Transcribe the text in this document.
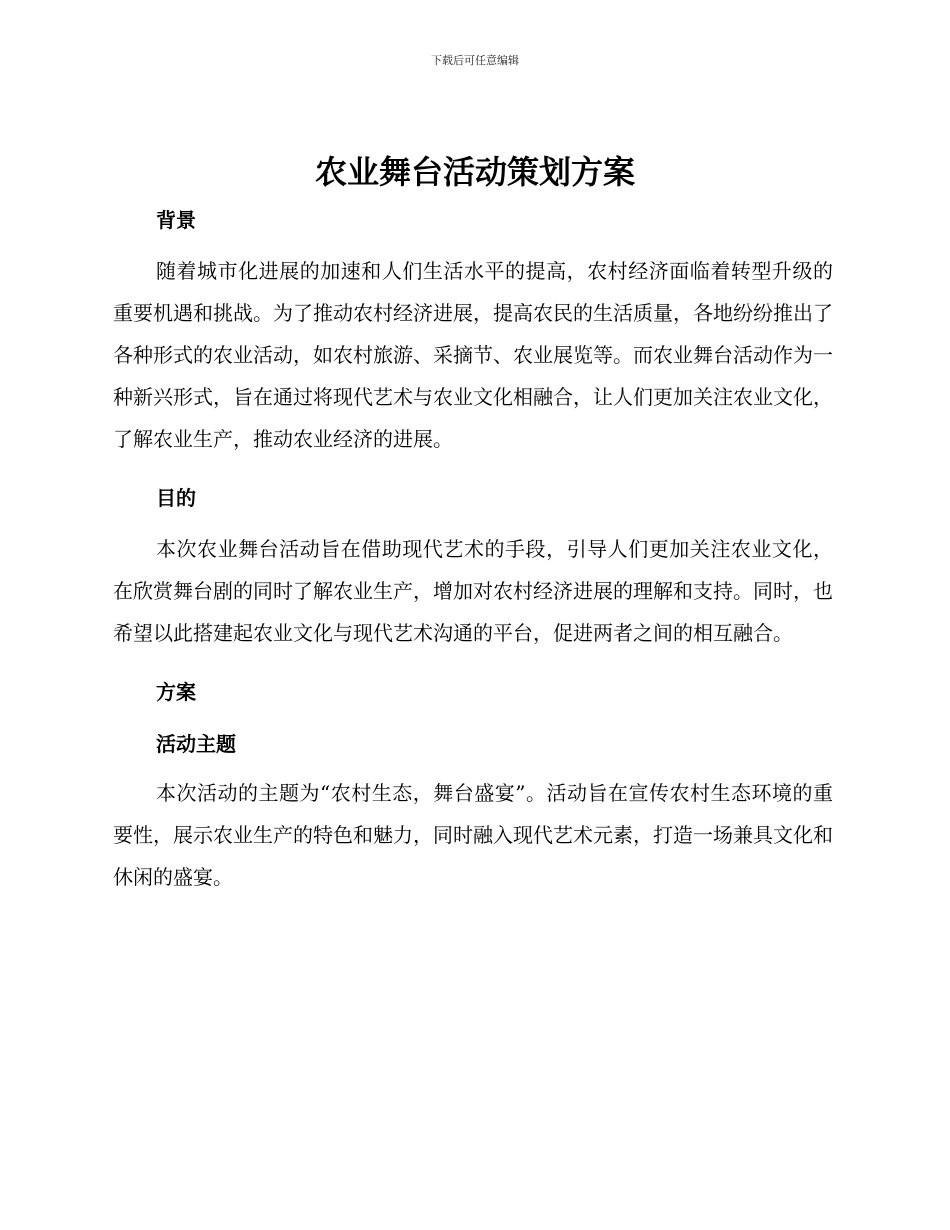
下载后可任意编辑
农业舞台活动策划方案
背景

随着城市化进展的加速和人们生活水平的提高，农村经济面临着转型升级的重要机遇和挑战。为了推动农村经济进展，提高农民的生活质量，各地纷纷推出了各种形式的农业活动，如农村旅游、采摘节、农业展览等。而农业舞台活动作为一种新兴形式，旨在通过将现代艺术与农业文化相融合，让人们更加关注农业文化，了解农业生产，推动农业经济的进展。

目的

本次农业舞台活动旨在借助现代艺术的手段，引导人们更加关注农业文化，在欣赏舞台剧的同时了解农业生产，增加对农村经济进展的理解和支持。同时，也希望以此搭建起农业文化与现代艺术沟通的平台，促进两者之间的相互融合。

方案
活动主题

本次活动的主题为“农村生态，舞台盛宴”。活动旨在宣传农村生态环境的重要性，展示农业生产的特色和魅力，同时融入现代艺术元素，打造一场兼具文化和休闲的盛宴。
